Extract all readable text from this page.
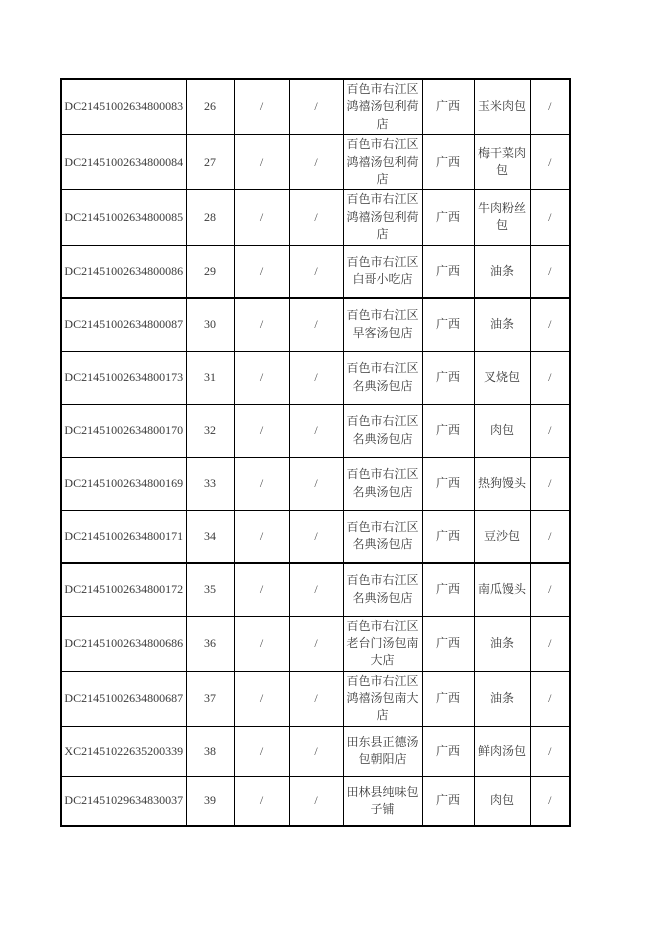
DC21451002634800083	26	/	/	百色市右江区鸿禧汤包利荷店	广西	玉米肉包	/
DC21451002634800084	27	/	/	百色市右江区鸿禧汤包利荷店	广西	梅干菜肉包	/
DC21451002634800085	28	/	/	百色市右江区鸿禧汤包利荷店	广西	牛肉粉丝包	/
DC21451002634800086	29	/	/	百色市右江区白哥小吃店	广西	油条	/
DC21451002634800087	30	/	/	百色市右江区早客汤包店	广西	油条	/
DC21451002634800173	31	/	/	百色市右江区名典汤包店	广西	叉烧包	/
DC21451002634800170	32	/	/	百色市右江区名典汤包店	广西	肉包	/
DC21451002634800169	33	/	/	百色市右江区名典汤包店	广西	热狗馒头	/
DC21451002634800171	34	/	/	百色市右江区名典汤包店	广西	豆沙包	/
DC21451002634800172	35	/	/	百色市右江区名典汤包店	广西	南瓜馒头	/
DC21451002634800686	36	/	/	百色市右江区老台门汤包南大店	广西	油条	/
DC21451002634800687	37	/	/	百色市右江区鸿禧汤包南大店	广西	油条	/
XC21451022635200339	38	/	/	田东县正德汤包朝阳店	广西	鲜肉汤包	/
DC21451029634830037	39	/	/	田林县纯味包子铺	广西	肉包	/
